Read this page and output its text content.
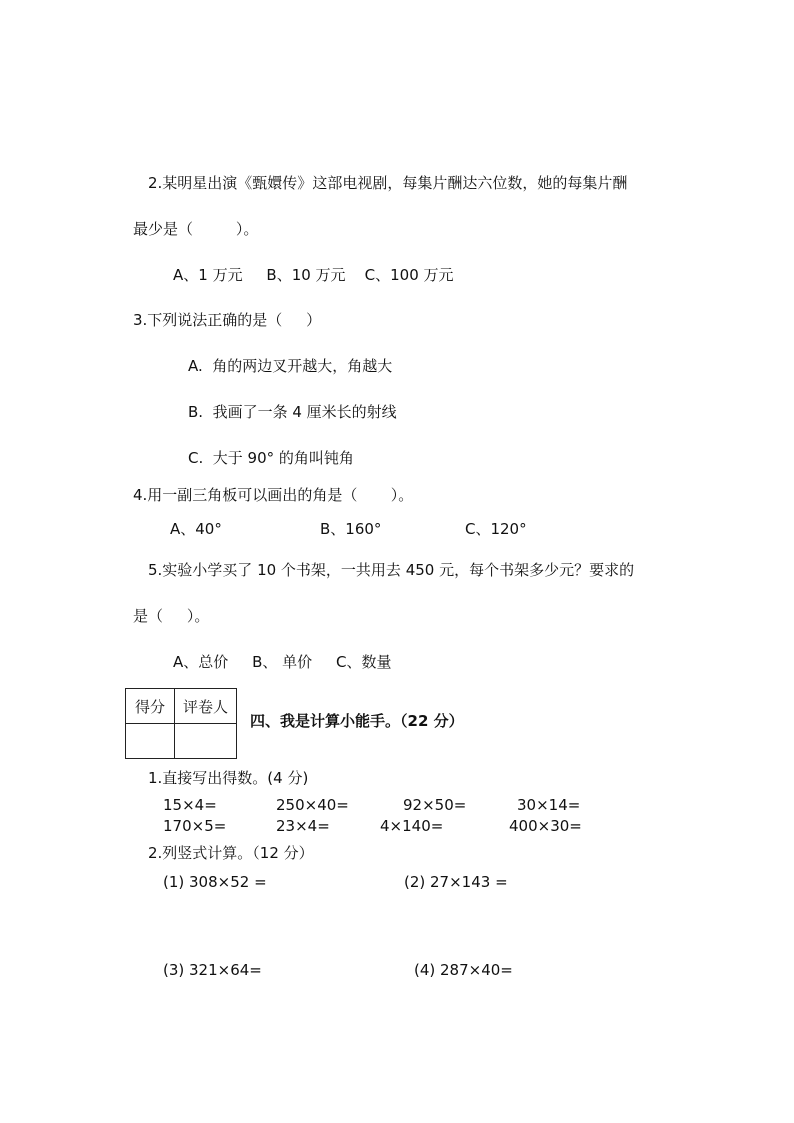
2.某明星出演《甄嬛传》这部电视剧，每集片酬达六位数，她的每集片酬
最少是（         ）。
A、1 万元     B、10 万元    C、100 万元
3.下列说法正确的是（     ）
A.  角的两边叉开越大，角越大
B.  我画了一条 4 厘米长的射线
C.  大于 90° 的角叫钝角
4.用一副三角板可以画出的角是（       ）。
A、40°	B、160°	C、120°
5.实验小学买了 10 个书架，一共用去 450 元，每个书架多少元？要求的
是（     ）。
A、总价     B、 单价     C、数量
得分	评卷人

四、我是计算小能手。（22 分）
1.直接写出得数。(4 分)
15×4=	250×40=	92×50=	30×14=
170×5=	23×4=	4×140=	400×30=
2.列竖式计算。（12 分）
(1) 308×52 =	(2) 27×143 =
(3) 321×64=	(4) 287×40=
